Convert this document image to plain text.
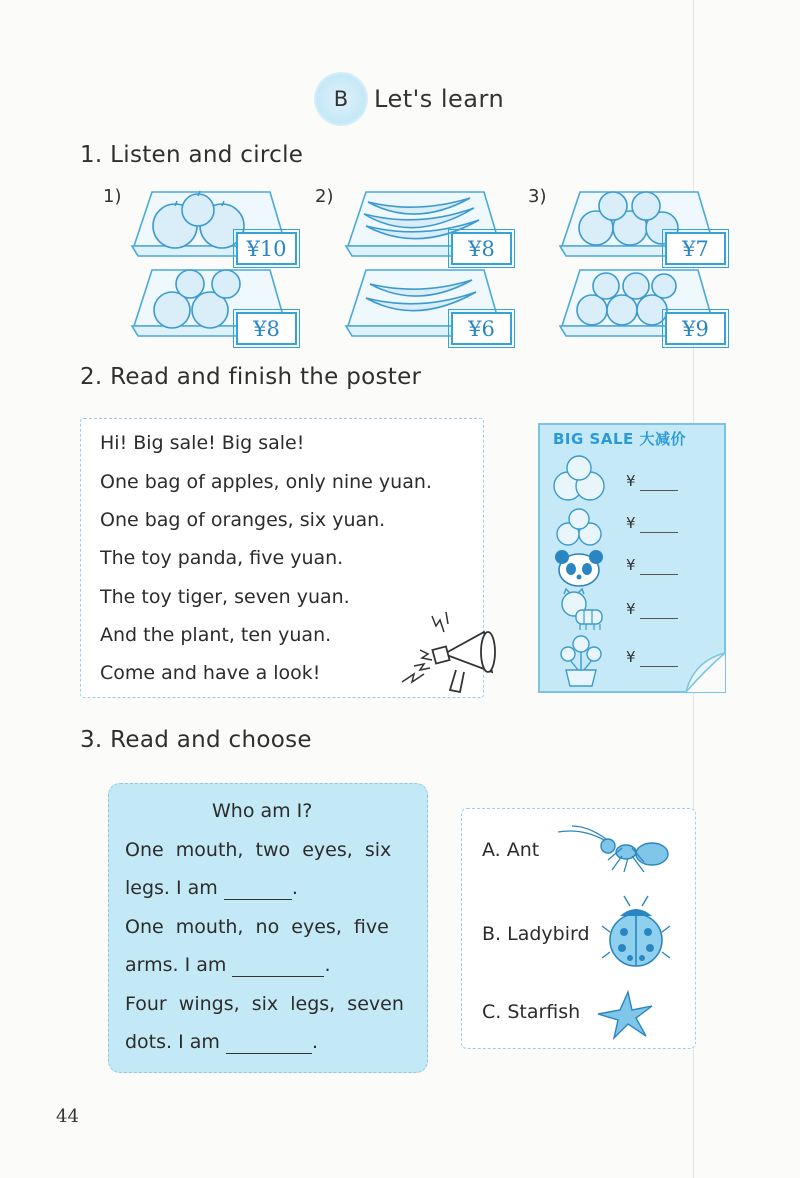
B	Let's learn
1. Listen and circle
1)	2)	3)
¥10
¥8
¥8
¥6
¥7
¥9
2. Read and finish the poster
Hi! Big sale! Big sale!
One bag of apples, only nine yuan.
One bag of oranges, six yuan.
The toy panda, five yuan.
The toy tiger, seven yuan.
And the plant, ten yuan.
Come and have a look!
BIG SALE 大减价
¥
¥
¥
¥
¥
3. Read and choose
Who am I?
One  mouth,  two  eyes,  six
legs. I am	.
One  mouth,  no  eyes,  five
arms. I am	.
Four  wings,  six  legs,  seven
dots. I am	.
A. Ant
B. Ladybird
C. Starfish
44
